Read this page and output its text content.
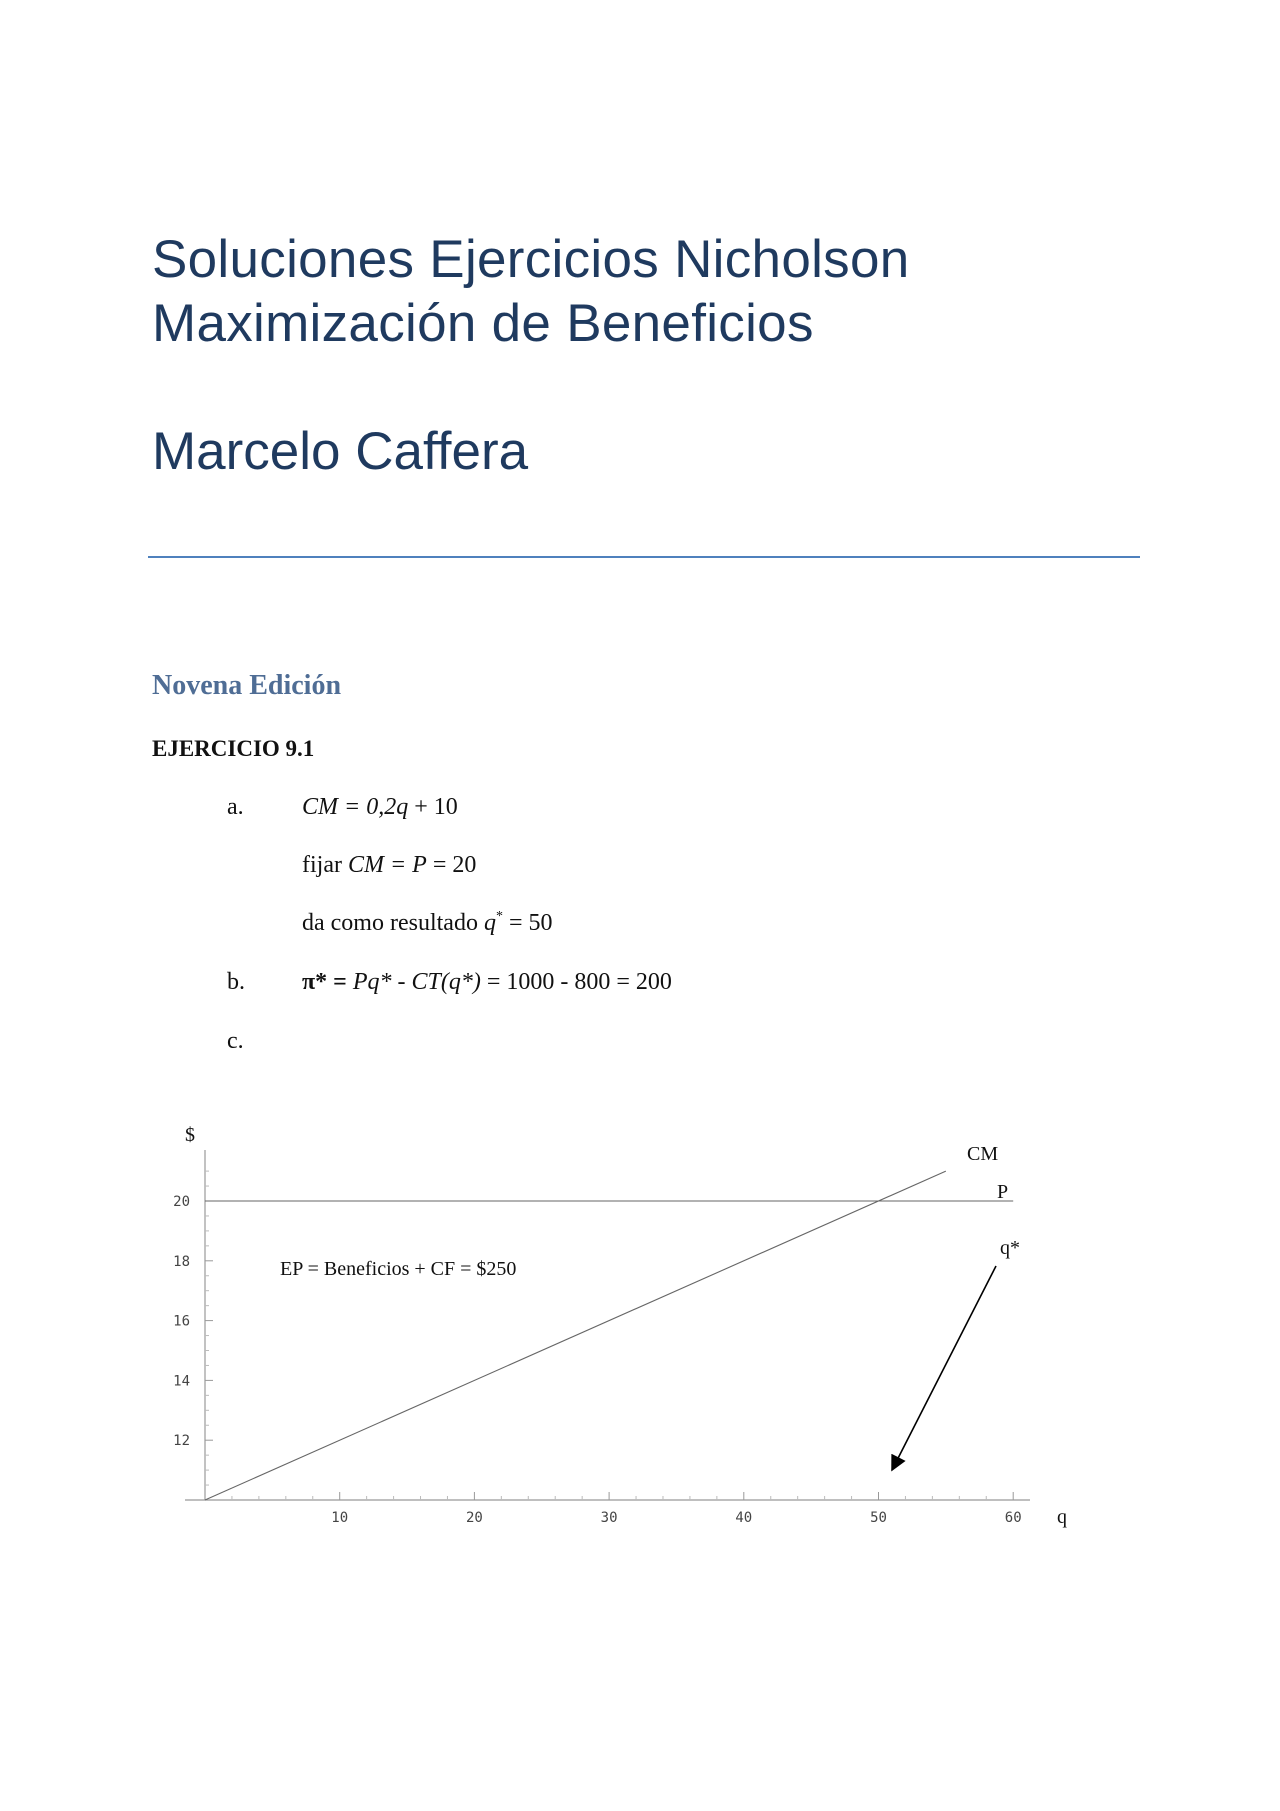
Soluciones Ejercicios Nicholson
Maximización de Beneficios
Marcelo Caffera
Novena Edición
EJERCICIO 9.1
a. CM = 0,2q + 10
fijar CM = P = 20
da como resultado q* = 50
b. π* = Pq* - CT(q*) = 1000 - 800 = 200
c.
10	20	30	40	50	60
12
14
16
18
20
$
q
CM
P
EP = Beneficios + CF = $250
q*
